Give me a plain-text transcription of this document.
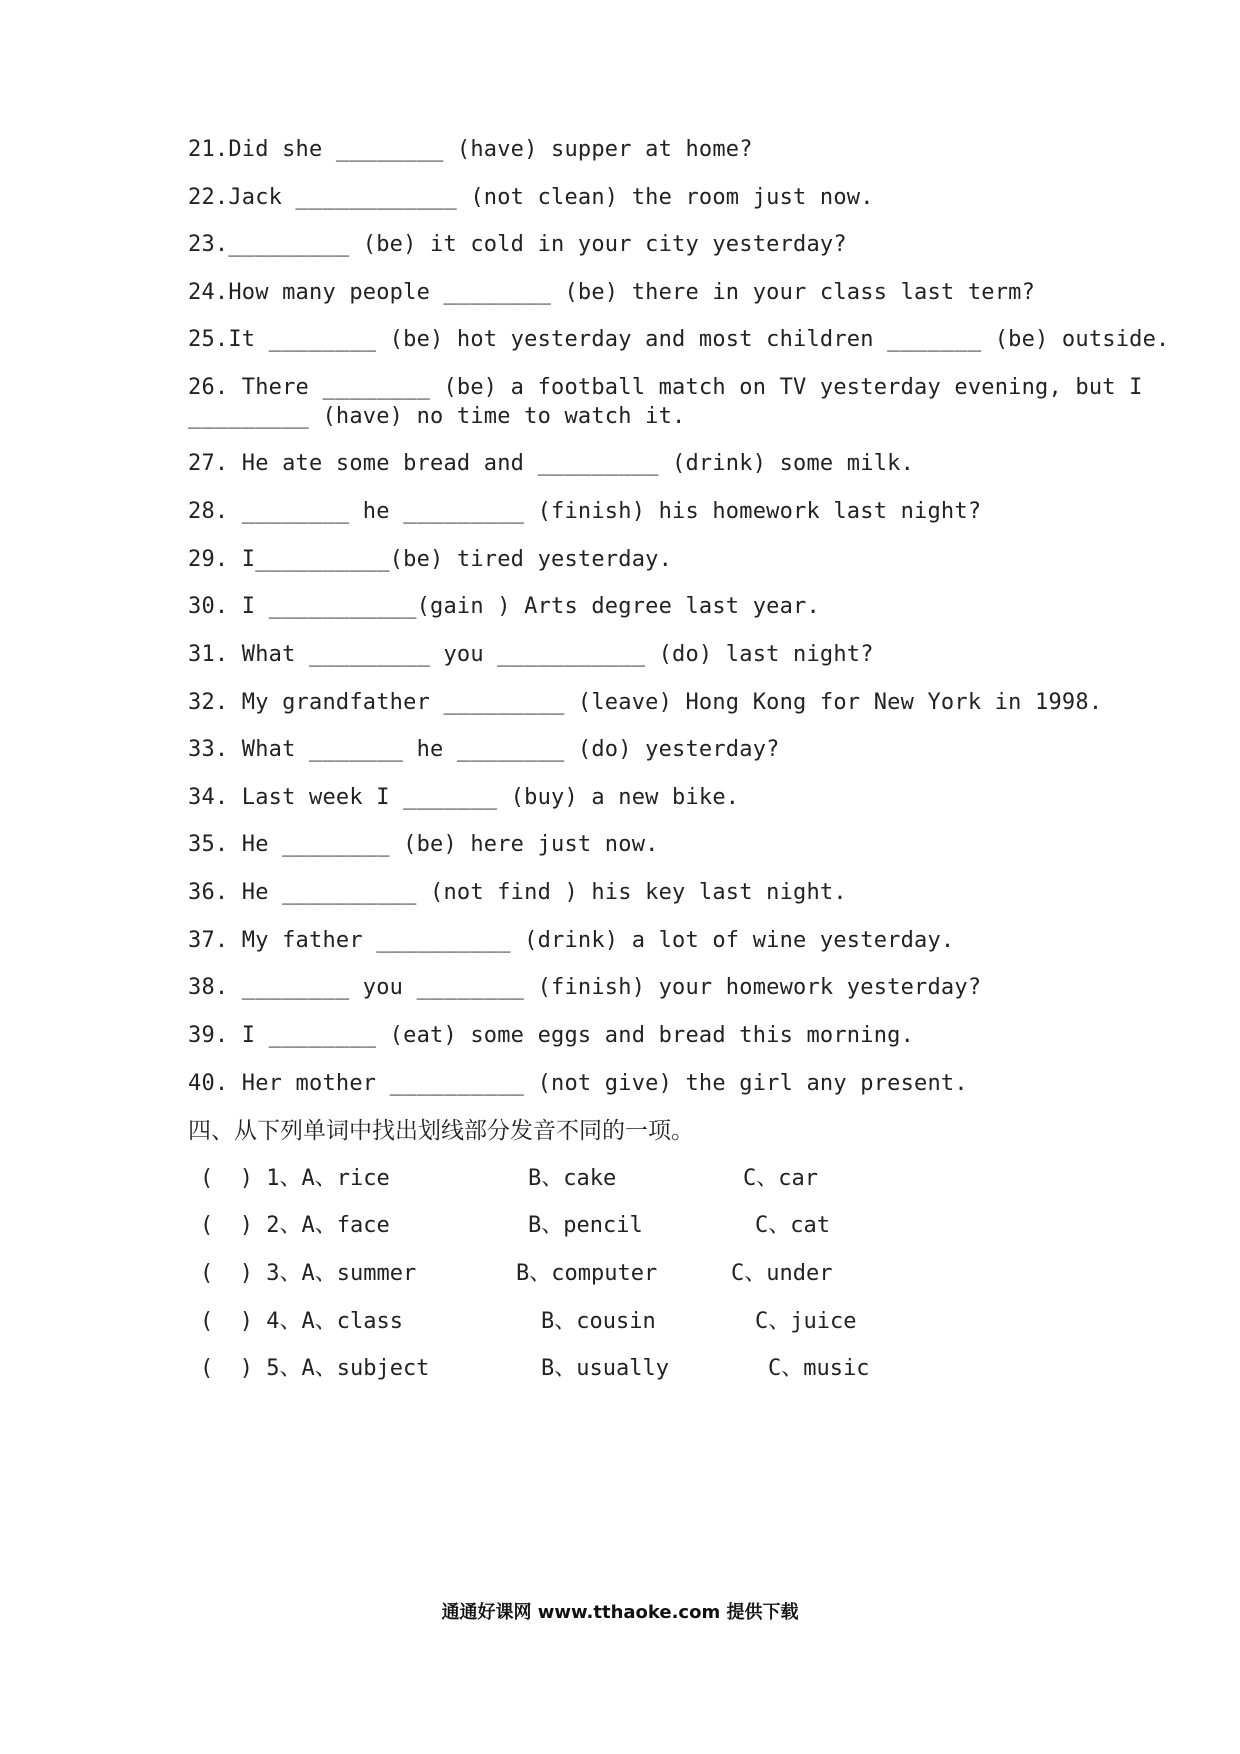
21.Did she ________ (have) supper at home?
22.Jack ____________ (not clean) the room just now.
23._________ (be) it cold in your city yesterday?
24.How many people ________ (be) there in your class last term?
25.It ________ (be) hot yesterday and most children _______ (be) outside.
26. There ________ (be) a football match on TV yesterday evening, but I
_________ (have) no time to watch it.
27. He ate some bread and _________ (drink) some milk.
28. ________ he _________ (finish) his homework last night?
29. I__________(be) tired yesterday.
30. I ___________(gain ) Arts degree last year.
31. What _________ you ___________ (do) last night?
32. My grandfather _________ (leave) Hong Kong for New York in 1998.
33. What _______ he ________ (do) yesterday?
34. Last week I _______ (buy) a new bike.
35. He ________ (be) here just now.
36. He __________ (not find ) his key last night.
37. My father __________ (drink) a lot of wine yesterday.
38. ________ you ________ (finish) your homework yesterday?
39. I ________ (eat) some eggs and bread this morning.
40. Her mother __________ (not give) the girl any present.
四、从下列单词中找出划线部分发音不同的一项。
(  ) 1、A、rice	B、cake	C、car
(  ) 2、A、face	B、pencil	C、cat
(  ) 3、A、summer	B、computer	C、under
(  ) 4、A、class	B、cousin	C、juice
(  ) 5、A、subject	B、usually	C、music
通通好课网 www.tthaoke.com 提供下载
